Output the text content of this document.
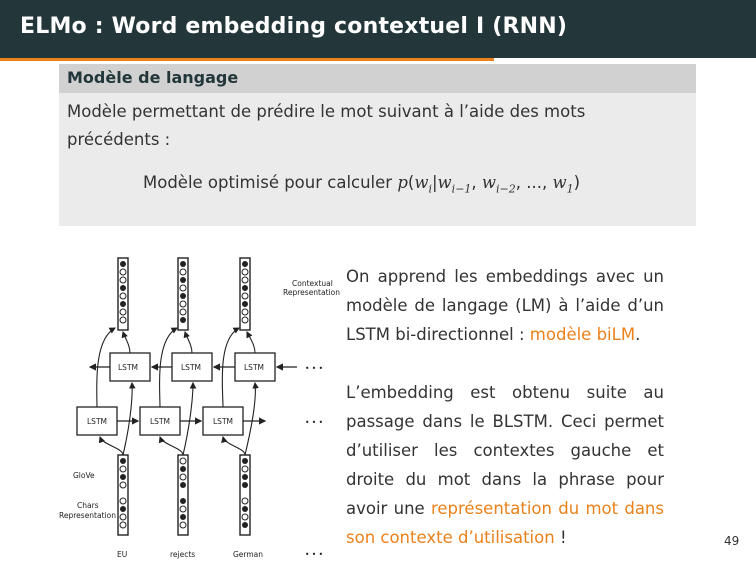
ELMo : Word embedding contextuel I (RNN)
Modèle de langage
Modèle permettant de prédire le mot suivant à l’aide des mots précédents :
Modèle optimisé pour calculer $p(w_i|w_{i-1}$, $w_{i-2}$, ..., $w_1$)
Contextual
Representation
LSTM	LSTM	LSTM	• • •
LSTM	LSTM	LSTM	• • •
GloVe
Chars
Representation
EU	rejects	German	• • •

On apprend les embeddings avec un modèle de langage (LM) à l’aide d’un LSTM bi-directionnel : modèle biLM.

L’embedding est obtenu suite au passage dans le BLSTM. Ceci permet d’utiliser les contextes gauche et droite du mot dans la phrase pour avoir une représentation du mot dans son contexte d’utilisation !	49
